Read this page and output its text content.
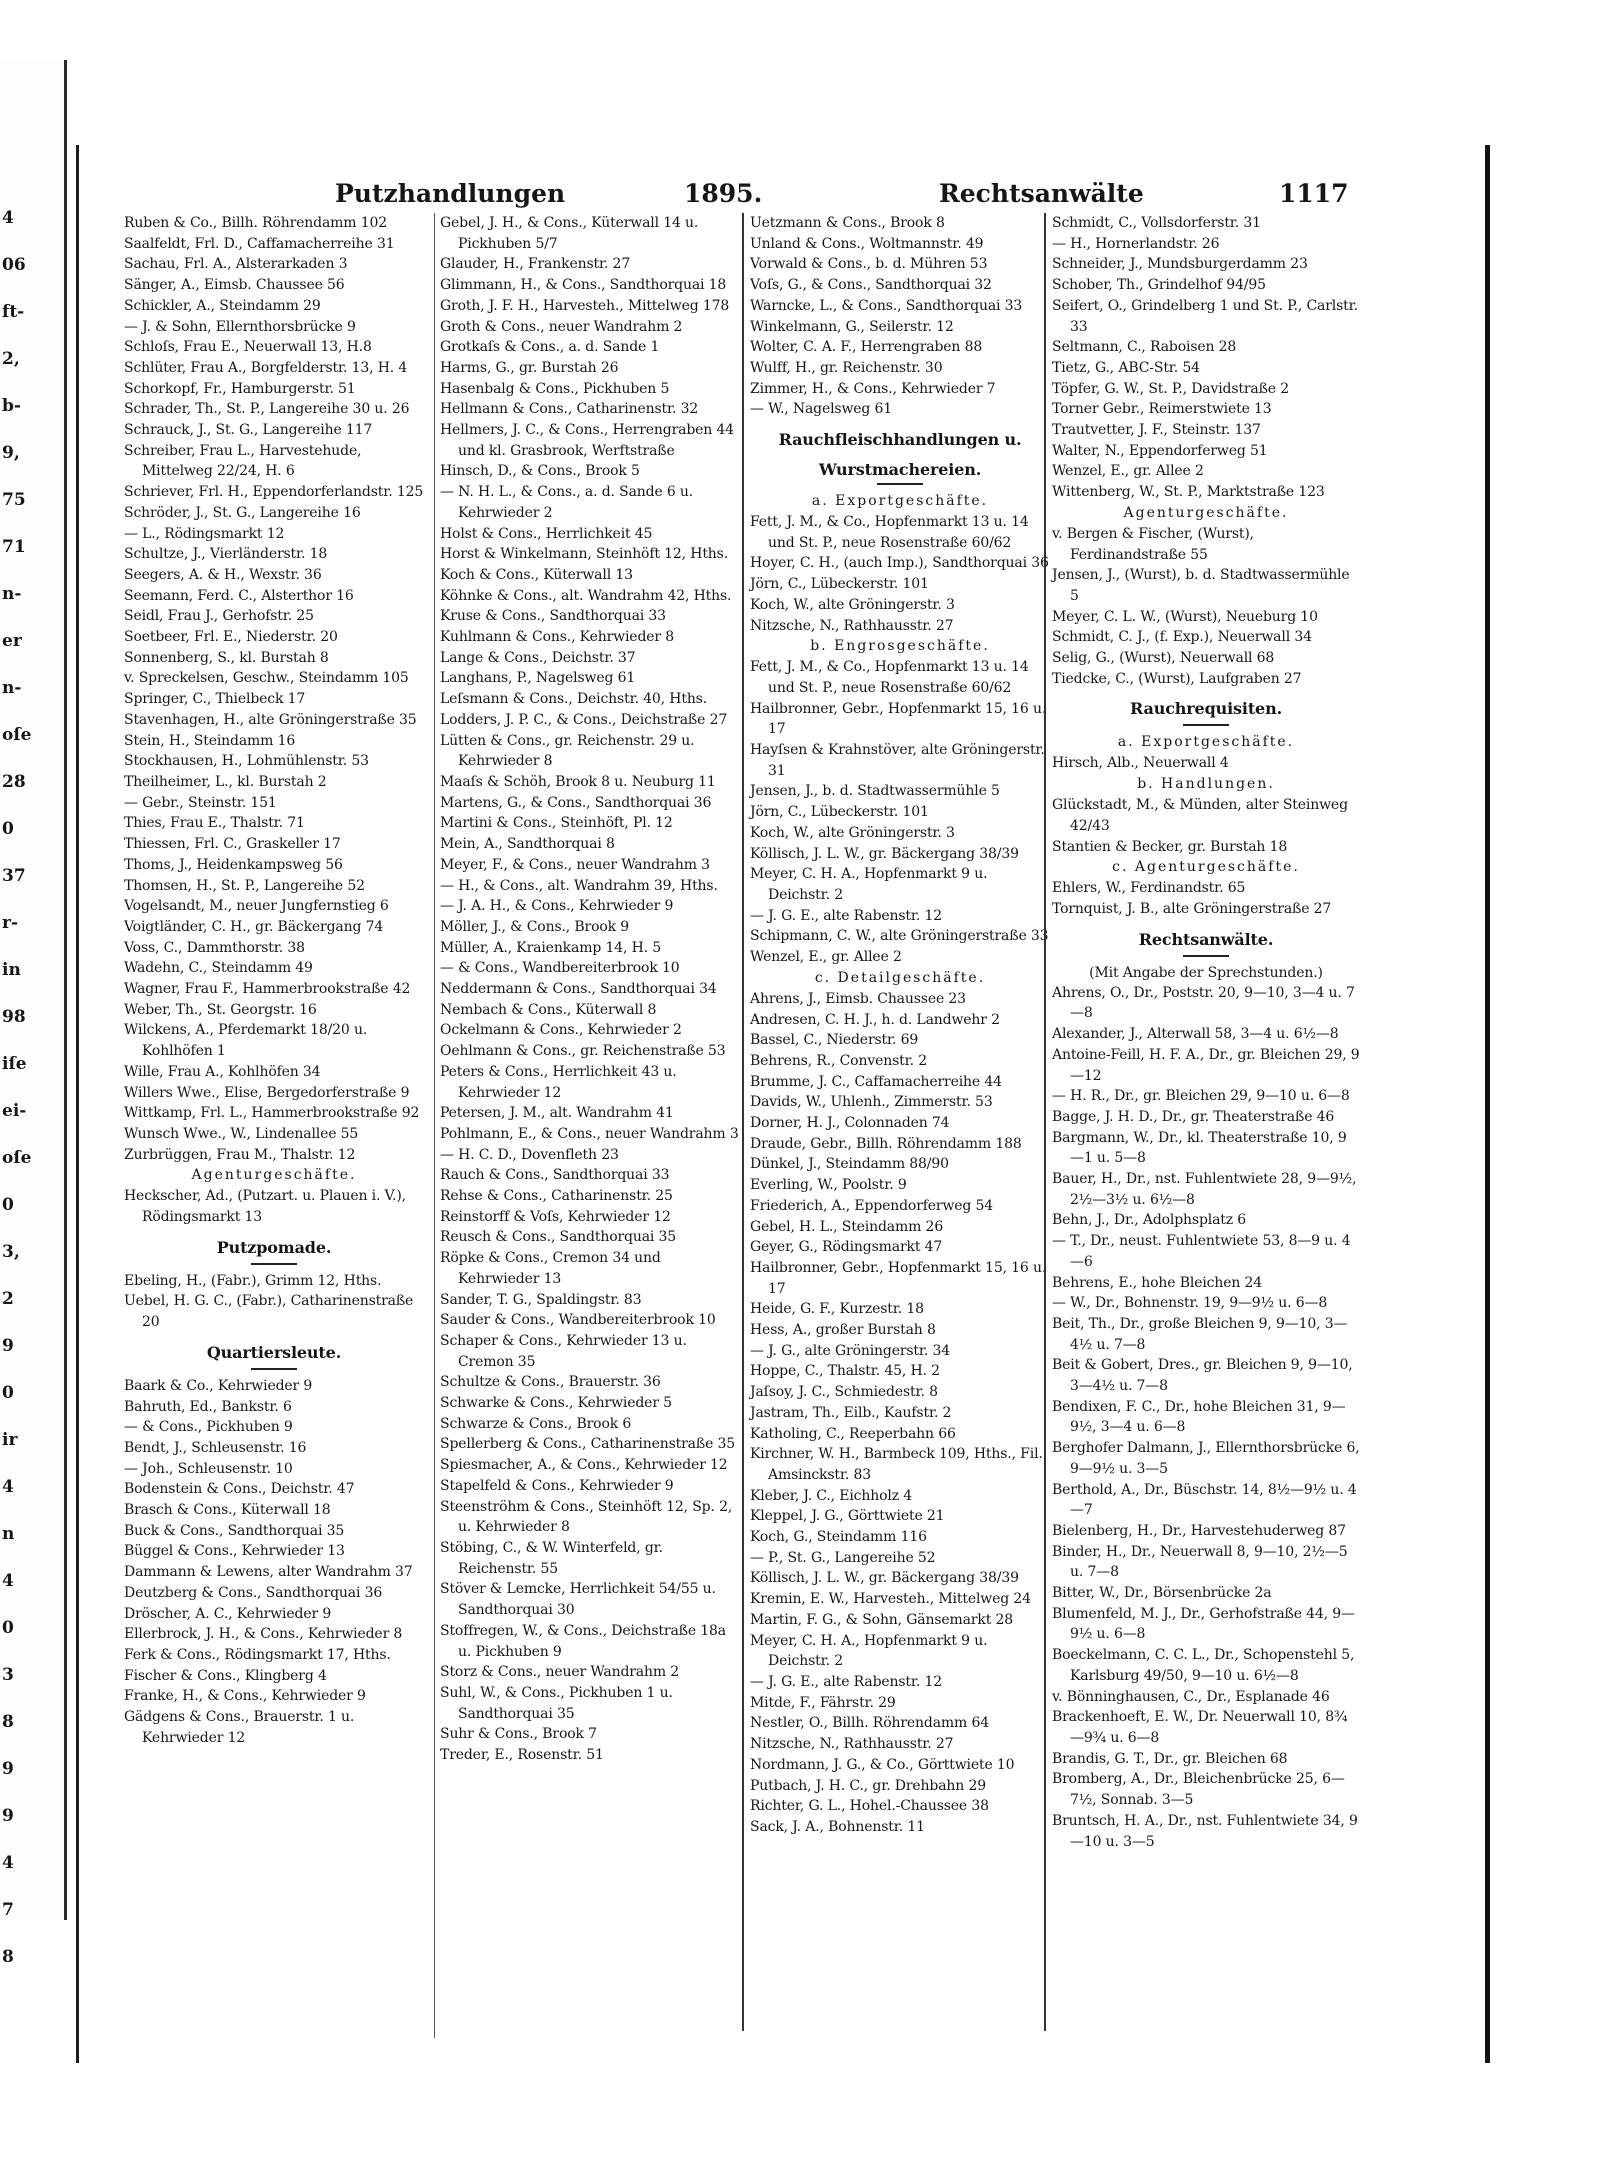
4
06
ft-
2,
b-
9,
75
71
n-
er
n-
oſe
28
0
37
r-
in
98
iſe
ei-
oſe
0
3,
2
9
0
ir
4
n
4
0
3
8
9
9
4
7
8
Putzhandlungen	1895.	Rechtsanwälte	1117
Ruben & Co., Billh. Röhrendamm 102
Saalfeldt, Frl. D., Caffamacherreihe 31
Sachau, Frl. A., Alsterarkaden 3
Sänger, A., Eimsb. Chaussee 56
Schickler, A., Steindamm 29
— J. & Sohn, Ellernthorsbrücke 9
Schloſs, Frau E., Neuerwall 13, H.8
Schlüter, Frau A., Borgfelderstr. 13, H. 4
Schorkopf, Fr., Hamburgerstr. 51
Schrader, Th., St. P., Langereihe 30 u. 26
Schrauck, J., St. G., Langereihe 117
Schreiber, Frau L., Harvestehude, Mittelweg 22/24, H. 6
Schriever, Frl. H., Eppendorferlandstr. 125
Schröder, J., St. G., Langereihe 16
— L., Rödingsmarkt 12
Schultze, J., Vierländerstr. 18
Seegers, A. & H., Wexstr. 36
Seemann, Ferd. C., Alsterthor 16
Seidl, Frau J., Gerhofstr. 25
Soetbeer, Frl. E., Niederstr. 20
Sonnenberg, S., kl. Burstah 8
v. Spreckelsen, Geschw., Steindamm 105
Springer, C., Thielbeck 17
Stavenhagen, H., alte Gröningerstraße 35
Stein, H., Steindamm 16
Stockhausen, H., Lohmühlenstr. 53
Theilheimer, L., kl. Burstah 2
— Gebr., Steinstr. 151
Thies, Frau E., Thalstr. 71
Thiessen, Frl. C., Graskeller 17
Thoms, J., Heidenkampsweg 56
Thomsen, H., St. P., Langereihe 52
Vogelsandt, M., neuer Jungfernstieg 6
Voigtländer, C. H., gr. Bäckergang 74
Voss, C., Dammthorstr. 38
Wadehn, C., Steindamm 49
Wagner, Frau F., Hammerbrookstraße 42
Weber, Th., St. Georgstr. 16
Wilckens, A., Pferdemarkt 18/20 u. Kohlhöfen 1
Wille, Frau A., Kohlhöfen 34
Willers Wwe., Elise, Bergedorferstraße 9
Wittkamp, Frl. L., Hammerbrookstraße 92
Wunsch Wwe., W., Lindenallee 55
Zurbrüggen, Frau M., Thalstr. 12
Agenturgeschäfte.
Heckscher, Ad., (Putzart. u. Plauen i. V.), Rödingsmarkt 13
Putzpomade.
Ebeling, H., (Fabr.), Grimm 12, Hths.
Uebel, H. G. C., (Fabr.), Catharinenstraße 20
Quartiersleute.
Baark & Co., Kehrwieder 9
Bahruth, Ed., Bankstr. 6
— & Cons., Pickhuben 9
Bendt, J., Schleusenstr. 16
— Joh., Schleusenstr. 10
Bodenstein & Cons., Deichstr. 47
Brasch & Cons., Küterwall 18
Buck & Cons., Sandthorquai 35
Büggel & Cons., Kehrwieder 13
Dammann & Lewens, alter Wandrahm 37
Deutzberg & Cons., Sandthorquai 36
Dröscher, A. C., Kehrwieder 9
Ellerbrock, J. H., & Cons., Kehrwieder 8
Ferk & Cons., Rödingsmarkt 17, Hths.
Fischer & Cons., Klingberg 4
Franke, H., & Cons., Kehrwieder 9
Gädgens & Cons., Brauerstr. 1 u. Kehrwieder 12
Gebel, J. H., & Cons., Küterwall 14 u. Pickhuben 5/7
Glauder, H., Frankenstr. 27
Glimmann, H., & Cons., Sandthorquai 18
Groth, J. F. H., Harvesteh., Mittelweg 178
Groth & Cons., neuer Wandrahm 2
Grotkaſs & Cons., a. d. Sande 1
Harms, G., gr. Burstah 26
Hasenbalg & Cons., Pickhuben 5
Hellmann & Cons., Catharinenstr. 32
Hellmers, J. C., & Cons., Herrengraben 44 und kl. Grasbrook, Werftstraße
Hinsch, D., & Cons., Brook 5
— N. H. L., & Cons., a. d. Sande 6 u. Kehrwieder 2
Holst & Cons., Herrlichkeit 45
Horst & Winkelmann, Steinhöft 12, Hths.
Koch & Cons., Küterwall 13
Köhnke & Cons., alt. Wandrahm 42, Hths.
Kruse & Cons., Sandthorquai 33
Kuhlmann & Cons., Kehrwieder 8
Lange & Cons., Deichstr. 37
Langhans, P., Nagelsweg 61
Leſsmann & Cons., Deichstr. 40, Hths.
Lodders, J. P. C., & Cons., Deichstraße 27
Lütten & Cons., gr. Reichenstr. 29 u. Kehrwieder 8
Maaſs & Schöh, Brook 8 u. Neuburg 11
Martens, G., & Cons., Sandthorquai 36
Martini & Cons., Steinhöft, Pl. 12
Mein, A., Sandthorquai 8
Meyer, F., & Cons., neuer Wandrahm 3
— H., & Cons., alt. Wandrahm 39, Hths.
— J. A. H., & Cons., Kehrwieder 9
Möller, J., & Cons., Brook 9
Müller, A., Kraienkamp 14, H. 5
— & Cons., Wandbereiterbrook 10
Neddermann & Cons., Sandthorquai 34
Nembach & Cons., Küterwall 8
Ockelmann & Cons., Kehrwieder 2
Oehlmann & Cons., gr. Reichenstraße 53
Peters & Cons., Herrlichkeit 43 u. Kehrwieder 12
Petersen, J. M., alt. Wandrahm 41
Pohlmann, E., & Cons., neuer Wandrahm 3
— H. C. D., Dovenfleth 23
Rauch & Cons., Sandthorquai 33
Rehse & Cons., Catharinenstr. 25
Reinstorff & Voſs, Kehrwieder 12
Reusch & Cons., Sandthorquai 35
Röpke & Cons., Cremon 34 und Kehrwieder 13
Sander, T. G., Spaldingstr. 83
Sauder & Cons., Wandbereiterbrook 10
Schaper & Cons., Kehrwieder 13 u. Cremon 35
Schultze & Cons., Brauerstr. 36
Schwarke & Cons., Kehrwieder 5
Schwarze & Cons., Brook 6
Spellerberg & Cons., Catharinenstraße 35
Spiesmacher, A., & Cons., Kehrwieder 12
Stapelfeld & Cons., Kehrwieder 9
Steenströhm & Cons., Steinhöft 12, Sp. 2, u. Kehrwieder 8
Stöbing, C., & W. Winterfeld, gr. Reichenstr. 55
Stöver & Lemcke, Herrlichkeit 54/55 u. Sandthorquai 30
Stoffregen, W., & Cons., Deichstraße 18a u. Pickhuben 9
Storz & Cons., neuer Wandrahm 2
Suhl, W., & Cons., Pickhuben 1 u. Sandthorquai 35
Suhr & Cons., Brook 7
Treder, E., Rosenstr. 51
Uetzmann & Cons., Brook 8
Unland & Cons., Woltmannstr. 49
Vorwald & Cons., b. d. Mühren 53
Voſs, G., & Cons., Sandthorquai 32
Warncke, L., & Cons., Sandthorquai 33
Winkelmann, G., Seilerstr. 12
Wolter, C. A. F., Herrengraben 88
Wulff, H., gr. Reichenstr. 30
Zimmer, H., & Cons., Kehrwieder 7
— W., Nagelsweg 61
Rauchfleischhandlungen u.
Wurstmachereien.
a. Exportgeschäfte.
Fett, J. M., & Co., Hopfenmarkt 13 u. 14 und St. P., neue Rosenstraße 60/62
Hoyer, C. H., (auch Imp.), Sandthorquai 36
Jörn, C., Lübeckerstr. 101
Koch, W., alte Gröningerstr. 3
Nitzsche, N., Rathhausstr. 27
b. Engrosgeschäfte.
Fett, J. M., & Co., Hopfenmarkt 13 u. 14 und St. P., neue Rosenstraße 60/62
Hailbronner, Gebr., Hopfenmarkt 15, 16 u. 17
Hayſsen & Krahnstöver, alte Gröningerstr. 31
Jensen, J., b. d. Stadtwassermühle 5
Jörn, C., Lübeckerstr. 101
Koch, W., alte Gröningerstr. 3
Köllisch, J. L. W., gr. Bäckergang 38/39
Meyer, C. H. A., Hopfenmarkt 9 u. Deichstr. 2
— J. G. E., alte Rabenstr. 12
Schipmann, C. W., alte Gröningerstraße 33
Wenzel, E., gr. Allee 2
c. Detailgeschäfte.
Ahrens, J., Eimsb. Chaussee 23
Andresen, C. H. J., h. d. Landwehr 2
Bassel, C., Niederstr. 69
Behrens, R., Convenstr. 2
Brumme, J. C., Caffamacherreihe 44
Davids, W., Uhlenh., Zimmerstr. 53
Dorner, H. J., Colonnaden 74
Draude, Gebr., Billh. Röhrendamm 188
Dünkel, J., Steindamm 88/90
Everling, W., Poolstr. 9
Friederich, A., Eppendorferweg 54
Gebel, H. L., Steindamm 26
Geyer, G., Rödingsmarkt 47
Hailbronner, Gebr., Hopfenmarkt 15, 16 u. 17
Heide, G. F., Kurzestr. 18
Hess, A., großer Burstah 8
— J. G., alte Gröningerstr. 34
Hoppe, C., Thalstr. 45, H. 2
Jaſsoy, J. C., Schmiedestr. 8
Jastram, Th., Eilb., Kaufstr. 2
Katholing, C., Reeperbahn 66
Kirchner, W. H., Barmbeck 109, Hths., Fil. Amsinckstr. 83
Kleber, J. C., Eichholz 4
Kleppel, J. G., Görttwiete 21
Koch, G., Steindamm 116
— P., St. G., Langereihe 52
Köllisch, J. L. W., gr. Bäckergang 38/39
Kremin, E. W., Harvesteh., Mittelweg 24
Martin, F. G., & Sohn, Gänsemarkt 28
Meyer, C. H. A., Hopfenmarkt 9 u. Deichstr. 2
— J. G. E., alte Rabenstr. 12
Mitde, F., Fährstr. 29
Nestler, O., Billh. Röhrendamm 64
Nitzsche, N., Rathhausstr. 27
Nordmann, J. G., & Co., Görttwiete 10
Putbach, J. H. C., gr. Drehbahn 29
Richter, G. L., Hohel.-Chaussee 38
Sack, J. A., Bohnenstr. 11
Schmidt, C., Vollsdorferstr. 31
— H., Hornerlandstr. 26
Schneider, J., Mundsburgerdamm 23
Schober, Th., Grindelhof 94/95
Seifert, O., Grindelberg 1 und St. P., Carlstr. 33
Seltmann, C., Raboisen 28
Tietz, G., ABC-Str. 54
Töpfer, G. W., St. P., Davidstraße 2
Torner Gebr., Reimerstwiete 13
Trautvetter, J. F., Steinstr. 137
Walter, N., Eppendorferweg 51
Wenzel, E., gr. Allee 2
Wittenberg, W., St. P., Marktstraße 123
Agenturgeschäfte.
v. Bergen & Fischer, (Wurst), Ferdinandstraße 55
Jensen, J., (Wurst), b. d. Stadtwassermühle 5
Meyer, C. L. W., (Wurst), Neueburg 10
Schmidt, C. J., (f. Exp.), Neuerwall 34
Selig, G., (Wurst), Neuerwall 68
Tiedcke, C., (Wurst), Laufgraben 27
Rauchrequisiten.
a. Exportgeschäfte.
Hirsch, Alb., Neuerwall 4
b. Handlungen.
Glückstadt, M., & Münden, alter Steinweg 42/43
Stantien & Becker, gr. Burstah 18
c. Agenturgeschäfte.
Ehlers, W., Ferdinandstr. 65
Tornquist, J. B., alte Gröningerstraße 27
Rechtsanwälte.
(Mit Angabe der Sprechstunden.)
Ahrens, O., Dr., Poststr. 20, 9—10, 3—4 u. 7—8
Alexander, J., Alterwall 58, 3—4 u. 6½—8
Antoine-Feill, H. F. A., Dr., gr. Bleichen 29, 9—12
— H. R., Dr., gr. Bleichen 29, 9—10 u. 6—8
Bagge, J. H. D., Dr., gr. Theaterstraße 46
Bargmann, W., Dr., kl. Theaterstraße 10, 9—1 u. 5—8
Bauer, H., Dr., nst. Fuhlentwiete 28, 9—9½, 2½—3½ u. 6½—8
Behn, J., Dr., Adolphsplatz 6
— T., Dr., neust. Fuhlentwiete 53, 8—9 u. 4—6
Behrens, E., hohe Bleichen 24
— W., Dr., Bohnenstr. 19, 9—9½ u. 6—8
Beit, Th., Dr., große Bleichen 9, 9—10, 3—4½ u. 7—8
Beit & Gobert, Dres., gr. Bleichen 9, 9—10, 3—4½ u. 7—8
Bendixen, F. C., Dr., hohe Bleichen 31, 9—9½, 3—4 u. 6—8
Berghofer Dalmann, J., Ellernthorsbrücke 6, 9—9½ u. 3—5
Berthold, A., Dr., Büschstr. 14, 8½—9½ u. 4—7
Bielenberg, H., Dr., Harvestehuderweg 87
Binder, H., Dr., Neuerwall 8, 9—10, 2½—5 u. 7—8
Bitter, W., Dr., Börsenbrücke 2a
Blumenfeld, M. J., Dr., Gerhofstraße 44, 9—9½ u. 6—8
Boeckelmann, C. C. L., Dr., Schopenstehl 5, Karlsburg 49/50, 9—10 u. 6½—8
v. Bönninghausen, C., Dr., Esplanade 46
Brackenhoeft, E. W., Dr. Neuerwall 10, 8¾—9¾ u. 6—8
Brandis, G. T., Dr., gr. Bleichen 68
Bromberg, A., Dr., Bleichenbrücke 25, 6—7½, Sonnab. 3—5
Bruntsch, H. A., Dr., nst. Fuhlentwiete 34, 9—10 u. 3—5
